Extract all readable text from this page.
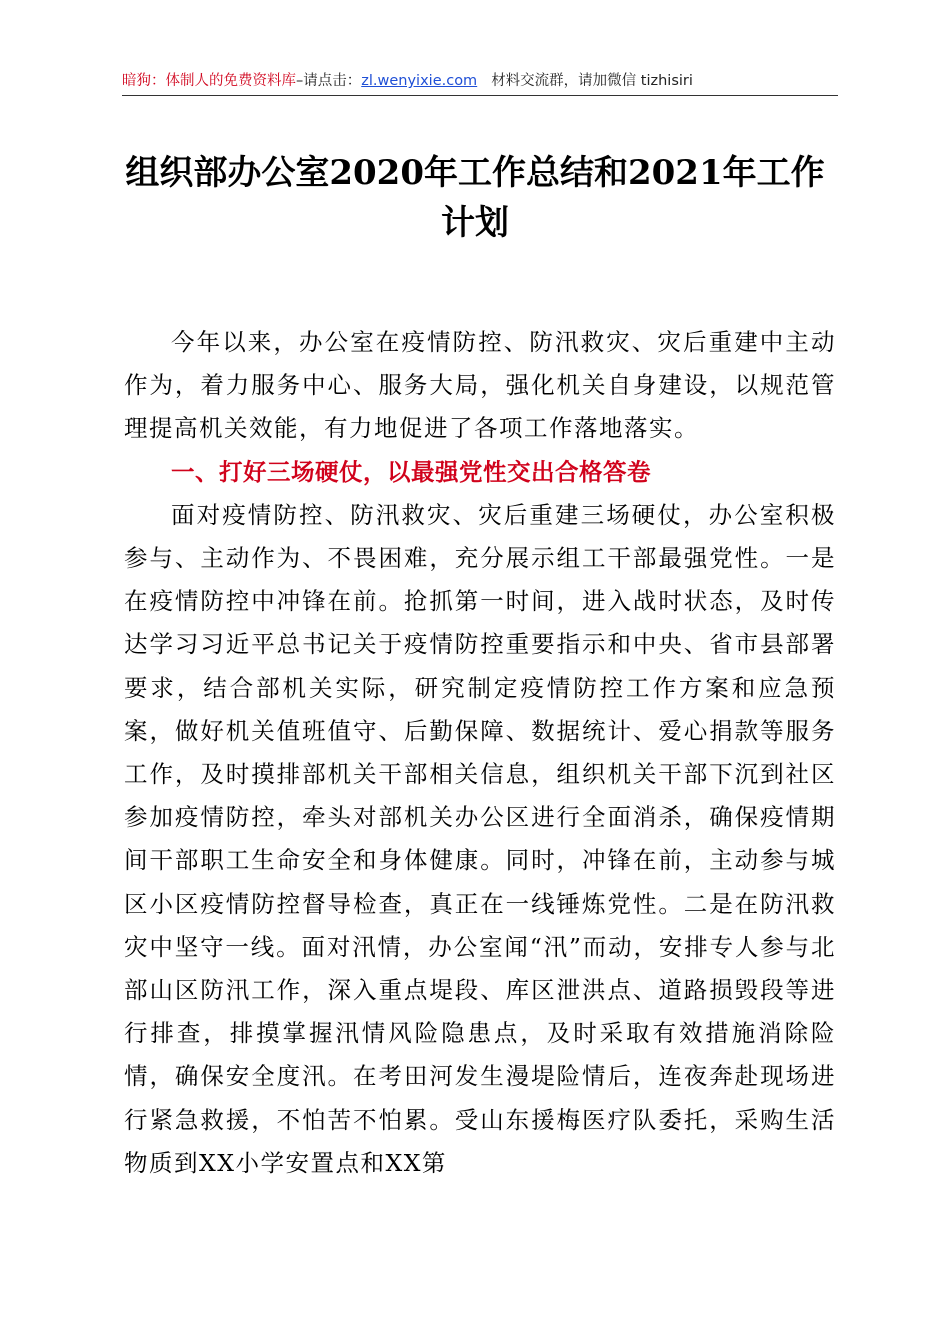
暗狗：体制人的免费资料库–请点击：zl.wenyixie.com 材料交流群，请加微信 tizhisiri
组织部办公室2020年工作总结和2021年工作计划

今年以来，办公室在疫情防控、防汛救灾、灾后重建中主动作为，着力服务中心、服务大局，强化机关自身建设，以规范管理提高机关效能，有力地促进了各项工作落地落实。

一、打好三场硬仗，以最强党性交出合格答卷

面对疫情防控、防汛救灾、灾后重建三场硬仗，办公室积极参与、主动作为、不畏困难，充分展示组工干部最强党性。一是在疫情防控中冲锋在前。抢抓第一时间，进入战时状态，及时传达学习习近平总书记关于疫情防控重要指示和中央、省市县部署要求，结合部机关实际，研究制定疫情防控工作方案和应急预案，做好机关值班值守、后勤保障、数据统计、爱心捐款等服务工作，及时摸排部机关干部相关信息，组织机关干部下沉到社区参加疫情防控，牵头对部机关办公区进行全面消杀，确保疫情期间干部职工生命安全和身体健康。同时，冲锋在前，主动参与城区小区疫情防控督导检查，真正在一线锤炼党性。二是在防汛救灾中坚守一线。面对汛情，办公室闻“汛”而动，安排专人参与北部山区防汛工作，深入重点堤段、库区泄洪点、道路损毁段等进行排查，排摸掌握汛情风险隐患点，及时采取有效措施消除险情，确保安全度汛。在考田河发生漫堤险情后，连夜奔赴现场进行紧急救援，不怕苦不怕累。受山东援梅医疗队委托，采购生活物质到XX小学安置点和XX第
